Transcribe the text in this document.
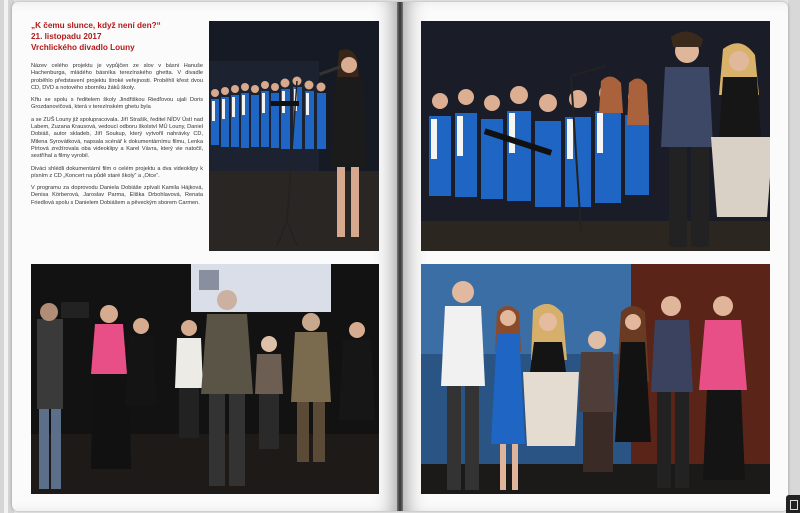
„K čemu slunce, když není den?“
21. listopadu 2017
Vrchlického divadlo Louny

Název celého projektu je vypůjčen ze slov v básni Hanuše Hachenburga, mládého básníka terezínského ghetta. V divadle proběhlo představení projektu široké veřejnosti. Proběhlí křest dvou CD, DVD a notového sborníku žáků školy.

Křtu se spolu s ředitelem školy Jindřiškou Riedľovou ujali Doris Grozdanovičová, která v terezínském ghetu byla

a se ZUŠ Louny již spolupracovala. Jiří Strašík, ředitel NÍDV Ústí nad Labem, Zuzana Krausová, vedoucí odboru školství MÚ Louny, Daniel Dobiáš, autor skladeb, Jiří Soukup, který vytvořil nahrávky CD, Milena Syrovátková, napsala scénář k dokumentárnímu filmu, Lenka Pírtová zrežírovala oba videoklipy a Karel Vávra, který vie natočil, sestříhal a filmy vyrobil.

Diváci shlédli dokumentární film o celém projektu a dva videoklipy k písním z CD „Koncert na půdě staré školy“ a „Otce“.

V programu za doprovodu Daniela Dobiáše zpívali Kamila Hájková, Denisa Körberová, Jaroslav Parma, Eliška Drbohlavová, Renata Friedlová spolu s Danielem Dobiášem a pěveckým sborem Carmen.
